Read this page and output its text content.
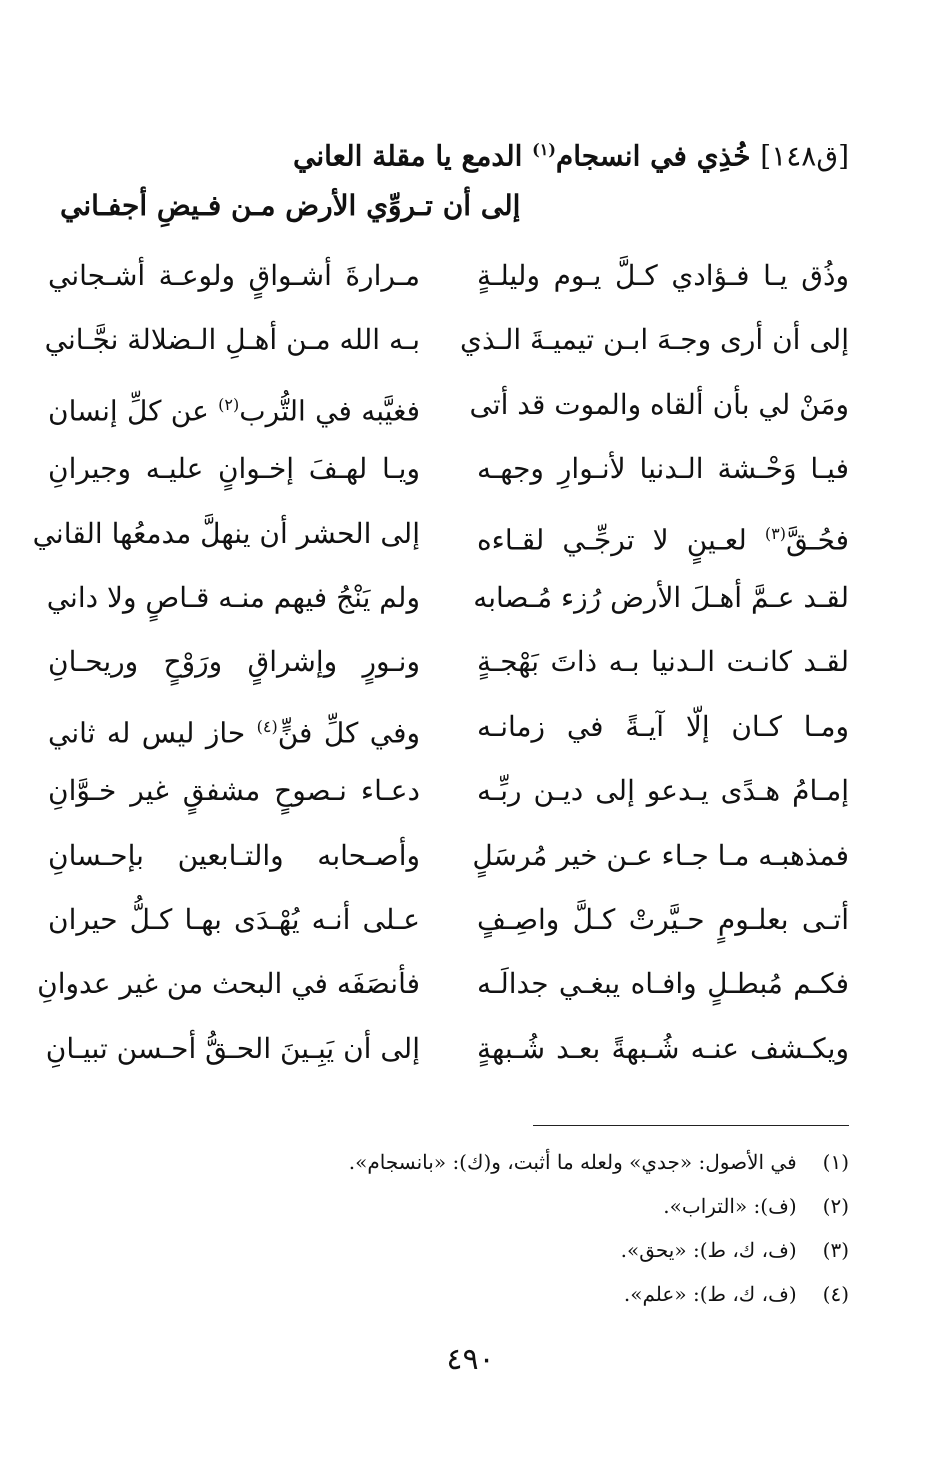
[ق١٤٨] خُذِي في انسجام$^{(١)}$ الدمع يا مقلة العاني
إلى أن تـروِّي الأرض مـن فـيضِ أجفـاني
وذُق يـا فـؤادي كـلَّ يـوم وليلـةٍ
مـرارةَ أشـواقٍ ولوعـة أشـجاني
إلى أن أرى وجـهَ ابـن تيميـةَ الـذي
بـه الله مـن أهـلِ الـضلالة نجَّـاني
ومَنْ لي بأن ألقاه والموت قد أتى
فغيَّبه في التُّرب$^{(٢)}$ عن كلِّ إنسان
فيـا وَحْـشة الـدنيا لأنـوارِ وجهـه
ويـا لهـفَ إخـوانٍ عليـه وجيرانِ
فحُـقَّ$^{(٣)}$ لعـينٍ لا ترجِّـي لقـاءه
إلى الحشر أن ينهلَّ مدمعُها القاني
لقـد عـمَّ أهـلَ الأرض رُزء مُـصابه
ولم يَنْجُ فيهم منـه قـاصٍ ولا داني
لقـد كانـت الـدنيا بـه ذاتَ بَهْجـةٍ
ونـورٍ وإشراقٍ ورَوْحٍ وريحـانِ
ومـا كـان إلّا آيـةً في زمانـه
وفي كلِّ فنٍّ$^{(٤)}$ حاز ليس له ثاني
إمـامُ هـدًى يـدعو إلى ديـن ربِّـه
دعـاء نـصوحٍ مشفقٍ غير خـوَّانِ
فمذهبـه مـا جـاء عـن خير مُرسَلٍ
وأصـحابه والتـابعين بإحـسانِ
أتـى بعلـومٍ حـيَّرتْ كـلَّ واصِـفٍ
عـلى أنـه يُهْـدَى بهـا كـلُّ حيران
فكـم مُبطـلٍ وافـاه يبغـي جدالَـه
فأنصَفَه في البحث من غير عدوانِ
ويكـشف عنـه شُـبهةً بعـد شُـبهةٍ
إلى أن يَبِـينَ الحـقُّ أحـسن تبيـانِ
(١) في الأصول: «جدي» ولعله ما أثبت، و(ك): «بانسجام».
(٢) (ف): «التراب».
(٣) (ف، ك، ط): «يحق».
(٤) (ف، ك، ط): «علم».
٤٩٠
